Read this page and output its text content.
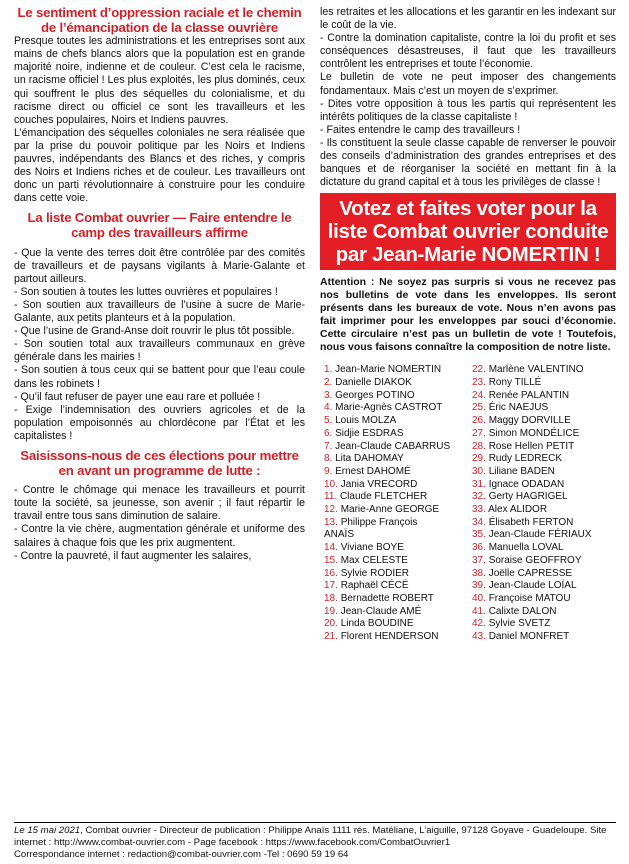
Le sentiment d’oppression raciale et le chemin de l’émancipation de la classe ouvrière

Presque toutes les administrations et les entreprises sont aux mains de chefs blancs alors que la population est en grande majorité noire, indienne et de couleur. C’est cela le racisme, un racisme officiel ! Les plus exploités, les plus dominés, ceux qui souffrent le plus des séquelles du colonialisme, et du racisme direct ou officiel ce sont les travailleurs et les couches populaires, Noirs et Indiens pauvres.

L’émancipation des séquelles coloniales ne sera réalisée que par la prise du pouvoir politique par les Noirs et Indiens pauvres, indépendants des Blancs et des riches, y compris des Noirs et Indiens riches et de couleur. Les travailleurs ont donc un parti révolutionnaire à construire pour les conduire dans cette voie.

La liste Combat ouvrier — Faire entendre le camp des travailleurs affirme

- Que la vente des terres doit être contrôlée par des comités de travailleurs et de paysans vigilants à Marie-Galante et partout ailleurs.

- Son soutien à toutes les luttes ouvrières et populaires !

- Son soutien aux travailleurs de l’usine à sucre de Marie-Galante, aux petits planteurs et à la population.

- Que l’usine de Grand-Anse doit rouvrir le plus tôt possible.

- Son soutien total aux travailleurs communaux en grève générale dans les mairies !

- Son soutien à tous ceux qui se battent pour que l’eau coule dans les robinets !

- Qu’il faut refuser de payer une eau rare et polluée !

- Exige l’indemnisation des ouvriers agricoles et de la population empoisonnés au chlordécone par l’État et les capitalistes !

Saisissons-nous de ces élections pour mettre en avant un programme de lutte :

- Contre le chômage qui menace les travailleurs et pourrit toute la société, sa jeunesse, son avenir ; il faut répartir le travail entre tous sans diminution de salaire.

- Contre la vie chère, augmentation générale et uniforme des salaires à chaque fois que les prix augmentent.

- Contre la pauvreté, il faut augmenter les salaires,

les retraites et les allocations et les garantir en les indexant sur le coût de la vie.

- Contre la domination capitaliste, contre la loi du profit et ses conséquences désastreuses, il faut que les travailleurs contrôlent les entreprises et toute l’économie.

Le bulletin de vote ne peut imposer des changements fondamentaux. Mais c’est un moyen de s’exprimer.

- Dites votre opposition à tous les partis qui représentent les intérêts politiques de la classe capitaliste !

- Faites entendre le camp des travailleurs !

- Ils constituent la seule classe capable de renverser le pouvoir des conseils d’administration des grandes entreprises et des banques et de réorganiser la société en mettant fin à la dictature du grand capital et à tous les privilèges de classe !

Votez et faites voter pour la liste Combat ouvrier conduite par Jean-Marie NOMERTIN !

Attention : Ne soyez pas surpris si vous ne recevez pas nos bulletins de vote dans les enveloppes. Ils seront présents dans les bureaux de vote. Nous n’en avons pas fait imprimer pour les enveloppes par souci d’économie. Cette circulaire n’est pas un bulletin de vote ! Toutefois, nous vous faisons connaître la composition de notre liste.

1. Jean-Marie NOMERTIN
2. Danielle DIAKOK
3. Georges POTINO
4. Marie-Agnès CASTROT
5. Louis MOLZA
6. Sidjie ESDRAS
7. Jean-Claude CABARRUS
8. Lita DAHOMAY
9. Ernest DAHOMÉ
10. Jania VRECORD
11. Claude FLETCHER
12. Marie-Anne GEORGE
13. Philippe François
ANAÏS
14. Viviane BOYE
15. Max CELESTE
16. Sylvie RODIER
17. Raphaël CÉCÉ
18. Bernadette ROBERT
19. Jean-Claude AMÉ
20. Linda BOUDINE
21. Florent HENDERSON
22. Marlène VALENTINO
23. Rony TILLÉ
24. Renée PALANTIN
25. Éric NAEJUS
26. Maggy DORVILLE
27. Simon MONDÉLICE
28. Rose Hellen PETIT
29. Rudy LEDRECK
30. Liliane BADEN
31. Ignace ODADAN
32. Gerty HAGRIGEL
33. Alex ALIDOR
34. Élisabeth FERTON
35. Jean-Claude FÉRIAUX
36. Manuella LOVAL
37. Soraise GEOFFROY
38. Joëlle CAPRESSE
39. Jean-Claude LOÏAL
40. Françoise MATOU
41. Calixte DALON
42. Sylvie SVETZ
43. Daniel MONFRET
Le 15 mai 2021, Combat ouvrier - Directeur de publication : Philippe Anaïs 1111 rés. Matéliane, L’aiguille, 97128 Goyave - Guadeloupe. Site internet : http://www.combat-ouvrier.com - Page facebook : https://www.facebook.com/CombatOuvrier1
Correspondance internet : redaction@combat-ouvrier.com -Tel : 0690 59 19 64
